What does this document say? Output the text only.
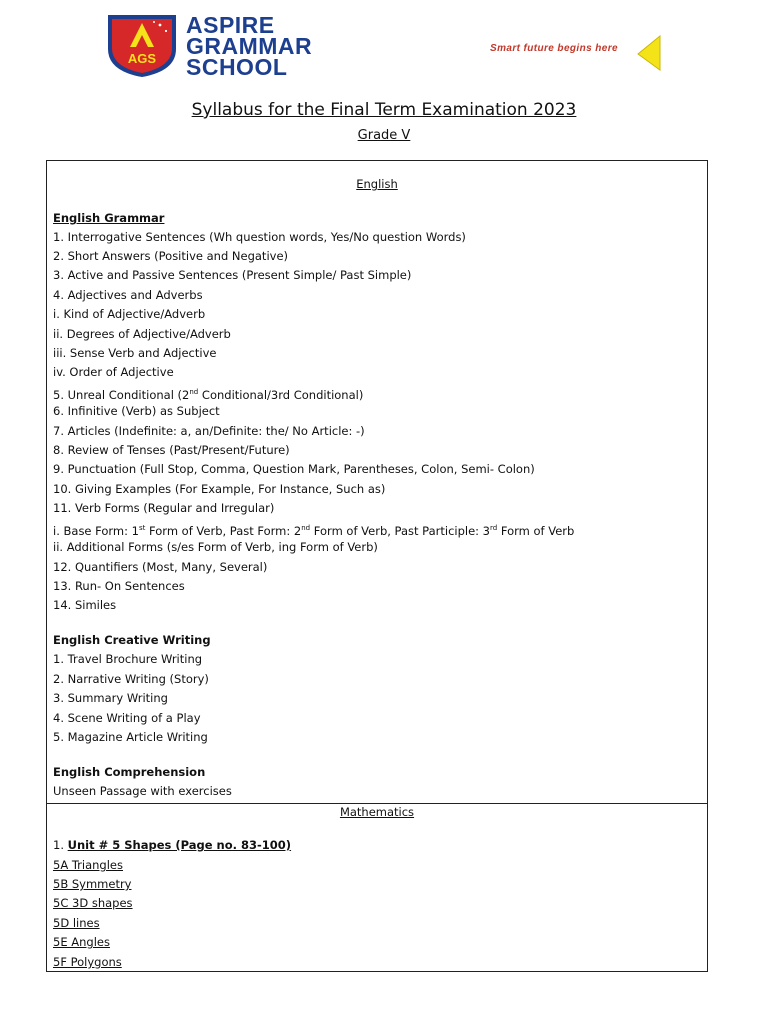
AGS
ASPIRE
GRAMMAR
SCHOOL
Smart future begins here
Syllabus for the Final Term Examination 2023
Grade V
English
English Grammar
1. Interrogative Sentences (Wh question words, Yes/No question Words)
2. Short Answers (Positive and Negative)
3. Active and Passive Sentences (Present Simple/ Past Simple)
4. Adjectives and Adverbs
i. Kind of Adjective/Adverb
ii. Degrees of Adjective/Adverb
iii. Sense Verb and Adjective
iv. Order of Adjective
5. Unreal Conditional (2nd Conditional/3rd Conditional)
6. Infinitive (Verb) as Subject
7. Articles (Indefinite: a, an/Definite: the/ No Article: -)
8. Review of Tenses (Past/Present/Future)
9. Punctuation (Full Stop, Comma, Question Mark, Parentheses, Colon, Semi- Colon)
10. Giving Examples (For Example, For Instance, Such as)
11. Verb Forms (Regular and Irregular)
i. Base Form: 1st Form of Verb, Past Form: 2nd Form of Verb, Past Participle: 3rd Form of Verb
ii. Additional Forms (s/es Form of Verb, ing Form of Verb)
12. Quantifiers (Most, Many, Several)
13. Run- On Sentences
14. Similes
English Creative Writing
1. Travel Brochure Writing
2. Narrative Writing (Story)
3. Summary Writing
4. Scene Writing of a Play
5. Magazine Article Writing
English Comprehension
Unseen Passage with exercises
Mathematics
1. Unit # 5 Shapes (Page no. 83-100)
5A Triangles
5B Symmetry
5C 3D shapes
5D lines
5E Angles
5F Polygons
